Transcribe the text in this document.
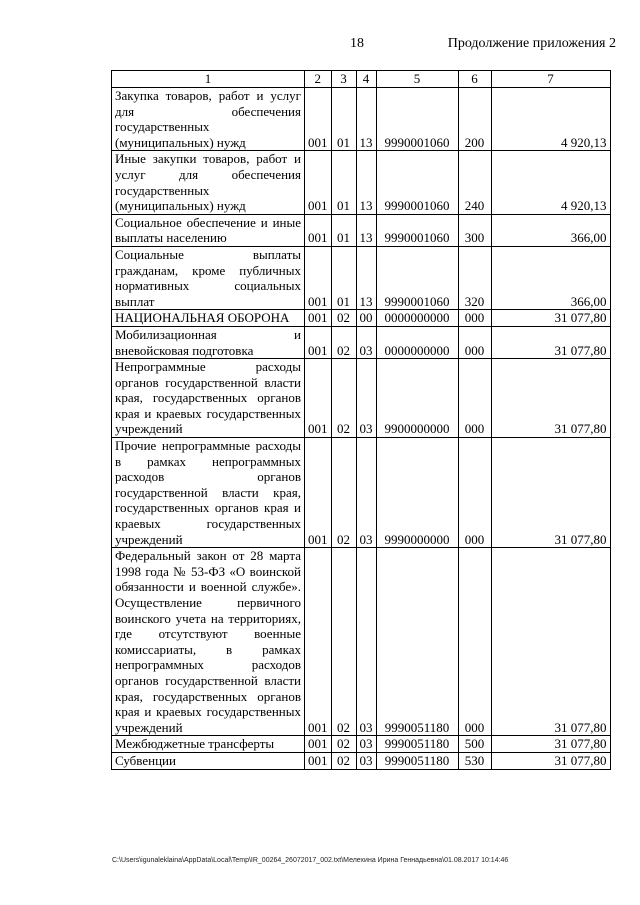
18	Продолжение приложения 2
1	2	3	4	5	6	7
Закупка товаров, работ и услуг для обеспечения государственных (муниципальных) нужд	001	01	13	9990001060	200	4 920,13
Иные закупки товаров, работ и услуг для обеспечения государственных (муниципальных) нужд	001	01	13	9990001060	240	4 920,13
Социальное обеспечение и иные выплаты населению	001	01	13	9990001060	300	366,00
Социальные выплаты гражданам, кроме публичных нормативных социальных выплат	001	01	13	9990001060	320	366,00
НАЦИОНАЛЬНАЯ ОБОРОНА	001	02	00	0000000000	000	31 077,80
Мобилизационная и вневойсковая подготовка	001	02	03	0000000000	000	31 077,80
Непрограммные расходы органов государственной власти края, государственных органов края и краевых государственных учреждений	001	02	03	9900000000	000	31 077,80
Прочие непрограммные расходы в рамках непрограммных расходов органов государственной власти края, государственных органов края и краевых государственных учреждений	001	02	03	9990000000	000	31 077,80
Федеральный закон от 28 марта 1998 года № 53-ФЗ «О воинской обязанности и военной службе». Осуществление первичного воинского учета на территориях, где отсутствуют военные комиссариаты, в рамках непрограммных расходов органов государственной власти края, государственных органов края и краевых государственных учреждений	001	02	03	9990051180	000	31 077,80
Межбюджетные трансферты	001	02	03	9990051180	500	31 077,80
Субвенции	001	02	03	9990051180	530	31 077,80
C:\Users\igunaleklaina\AppData\Local\Temp\IR_00264_26072017_002.txt\Мелехина Ирина Геннадьевна\01.08.2017 10:14:46
